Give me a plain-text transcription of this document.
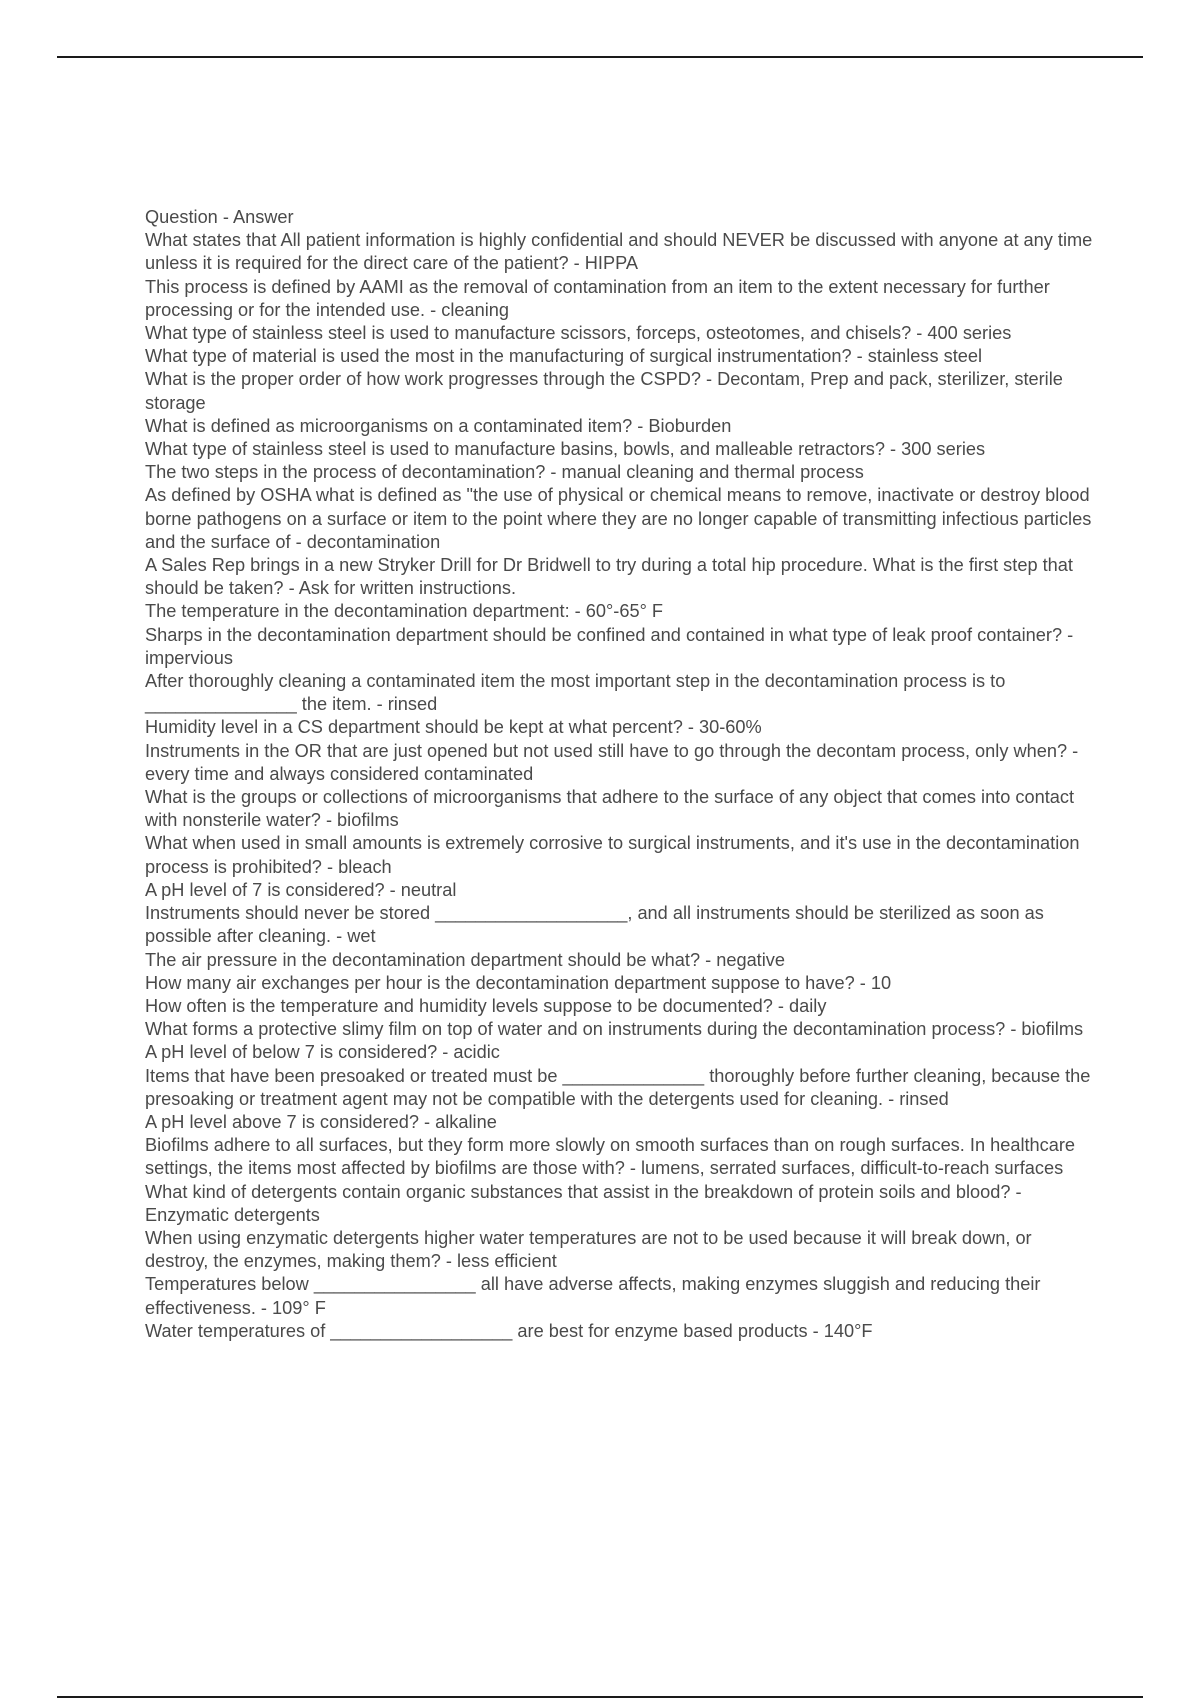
Question - Answer

What states that All patient information is highly confidential and should NEVER be discussed with anyone at any time unless it is required for the direct care of the patient? - HIPPA

This process is defined by AAMI as the removal of contamination from an item to the extent necessary for further processing or for the intended use. - cleaning

What type of stainless steel is used to manufacture scissors, forceps, osteotomes, and chisels? - 400 series

What type of material is used the most in the manufacturing of surgical instrumentation? - stainless steel

What is the proper order of how work progresses through the CSPD? - Decontam, Prep and pack, sterilizer, sterile storage

What is defined as microorganisms on a contaminated item? - Bioburden

What type of stainless steel is used to manufacture basins, bowls, and malleable retractors? - 300 series

The two steps in the process of decontamination? - manual cleaning and thermal process

As defined by OSHA what is defined as "the use of physical or chemical means to remove, inactivate or destroy blood borne pathogens on a surface or item to the point where they are no longer capable of transmitting infectious particles and the surface of - decontamination

A Sales Rep brings in a new Stryker Drill for Dr Bridwell to try during a total hip procedure. What is the first step that should be taken? - Ask for written instructions.

The temperature in the decontamination department: - 60°-65° F

Sharps in the decontamination department should be confined and contained in what type of leak proof container? - impervious

After thoroughly cleaning a contaminated item the most important step in the decontamination process is to _______________ the item. - rinsed

Humidity level in a CS department should be kept at what percent? - 30-60%

Instruments in the OR that are just opened but not used still have to go through the decontam process, only when? - every time and always considered contaminated

What is the groups or collections of microorganisms that adhere to the surface of any object that comes into contact with nonsterile water? - biofilms

What when used in small amounts is extremely corrosive to surgical instruments, and it's use in the decontamination process is prohibited? - bleach

A pH level of 7 is considered? - neutral

Instruments should never be stored ___________________, and all instruments should be sterilized as soon as possible after cleaning. - wet

The air pressure in the decontamination department should be what? - negative

How many air exchanges per hour is the decontamination department suppose to have? - 10

How often is the temperature and humidity levels suppose to be documented? - daily

What forms a protective slimy film on top of water and on instruments during the decontamination process? - biofilms

A pH level of below 7 is considered? - acidic

Items that have been presoaked or treated must be ______________ thoroughly before further cleaning, because the presoaking or treatment agent may not be compatible with the detergents used for cleaning. - rinsed

A pH level above 7 is considered? - alkaline

Biofilms adhere to all surfaces, but they form more slowly on smooth surfaces than on rough surfaces. In healthcare settings, the items most affected by biofilms are those with? - lumens, serrated surfaces, difficult-to-reach surfaces

What kind of detergents contain organic substances that assist in the breakdown of protein soils and blood? - Enzymatic detergents

When using enzymatic detergents higher water temperatures are not to be used because it will break down, or destroy, the enzymes, making them? - less efficient

Temperatures below ________________ all have adverse affects, making enzymes sluggish and reducing their effectiveness. - 109° F

Water temperatures of __________________ are best for enzyme based products - 140°F
